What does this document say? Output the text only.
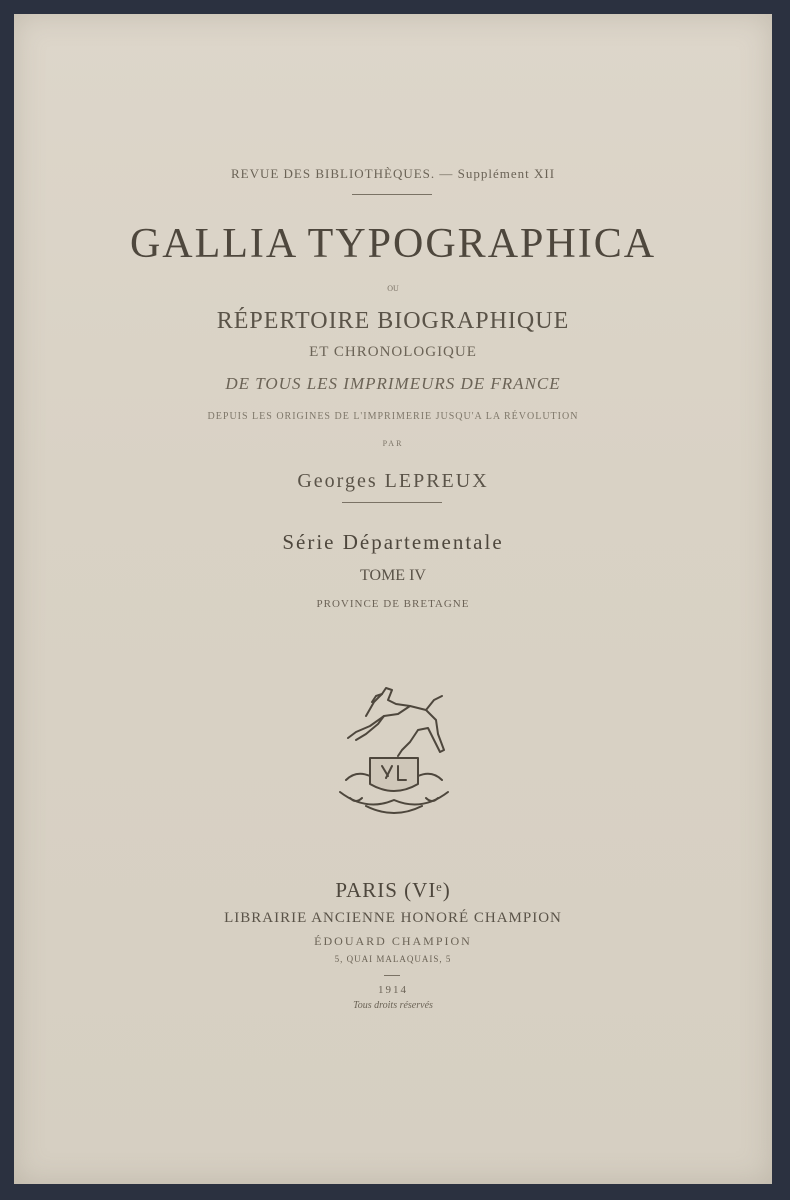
REVUE DES BIBLIOTHÈQUES. — Supplément XII
GALLIA TYPOGRAPHICA
OU
RÉPERTOIRE BIOGRAPHIQUE
ET CHRONOLOGIQUE
DE TOUS LES IMPRIMEURS DE FRANCE
DEPUIS LES ORIGINES DE L'IMPRIMERIE JUSQU'A LA RÉVOLUTION
PAR
Georges LEPREUX
Série Départementale
TOME IV
PROVINCE DE BRETAGNE
PARIS (VIᵉ)
LIBRAIRIE ANCIENNE HONORÉ CHAMPION
ÉDOUARD CHAMPION
5, QUAI MALAQUAIS, 5
1914
Tous droits réservés
